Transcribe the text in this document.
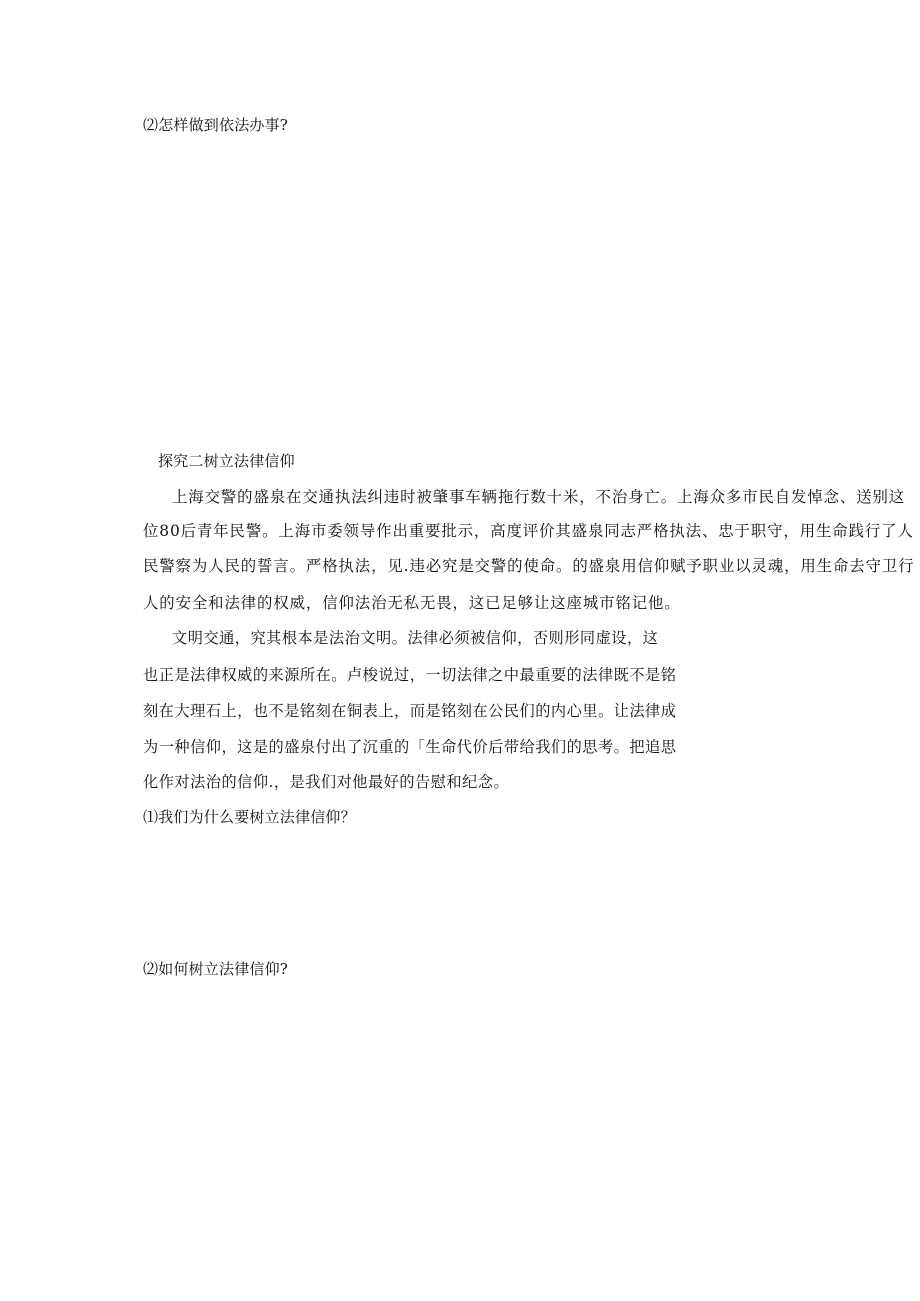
⑵怎样做到依法办事?
探究二树立法律信仰
上海交警的盛泉在交通执法纠违时被肇事车辆拖行数十米，不治身亡。上海众多市民自发悼念、送别这
位80后青年民警。上海市委领导作出重要批示，高度评价其盛泉同志严格执法、忠于职守，用生命践行了人
民警察为人民的誓言。严格执法，见.违必究是交警的使命。的盛泉用信仰赋予职业以灵魂，用生命去守卫行
人的安全和法律的权威，信仰法治无私无畏，这已足够让这座城市铭记他。
文明交通，究其根本是法治文明。法律必须被信仰，否则形同虚设，这
也正是法律权威的来源所在。卢梭说过，一切法律之中最重要的法律既不是铭
刻在大理石上，也不是铭刻在铜表上，而是铭刻在公民们的内心里。让法律成
为一种信仰，这是的盛泉付出了沉重的「生命代价后带给我们的思考。把追思
化作对法治的信仰.，是我们对他最好的告慰和纪念。
⑴我们为什么要树立法律信仰？
⑵如何树立法律信仰?
